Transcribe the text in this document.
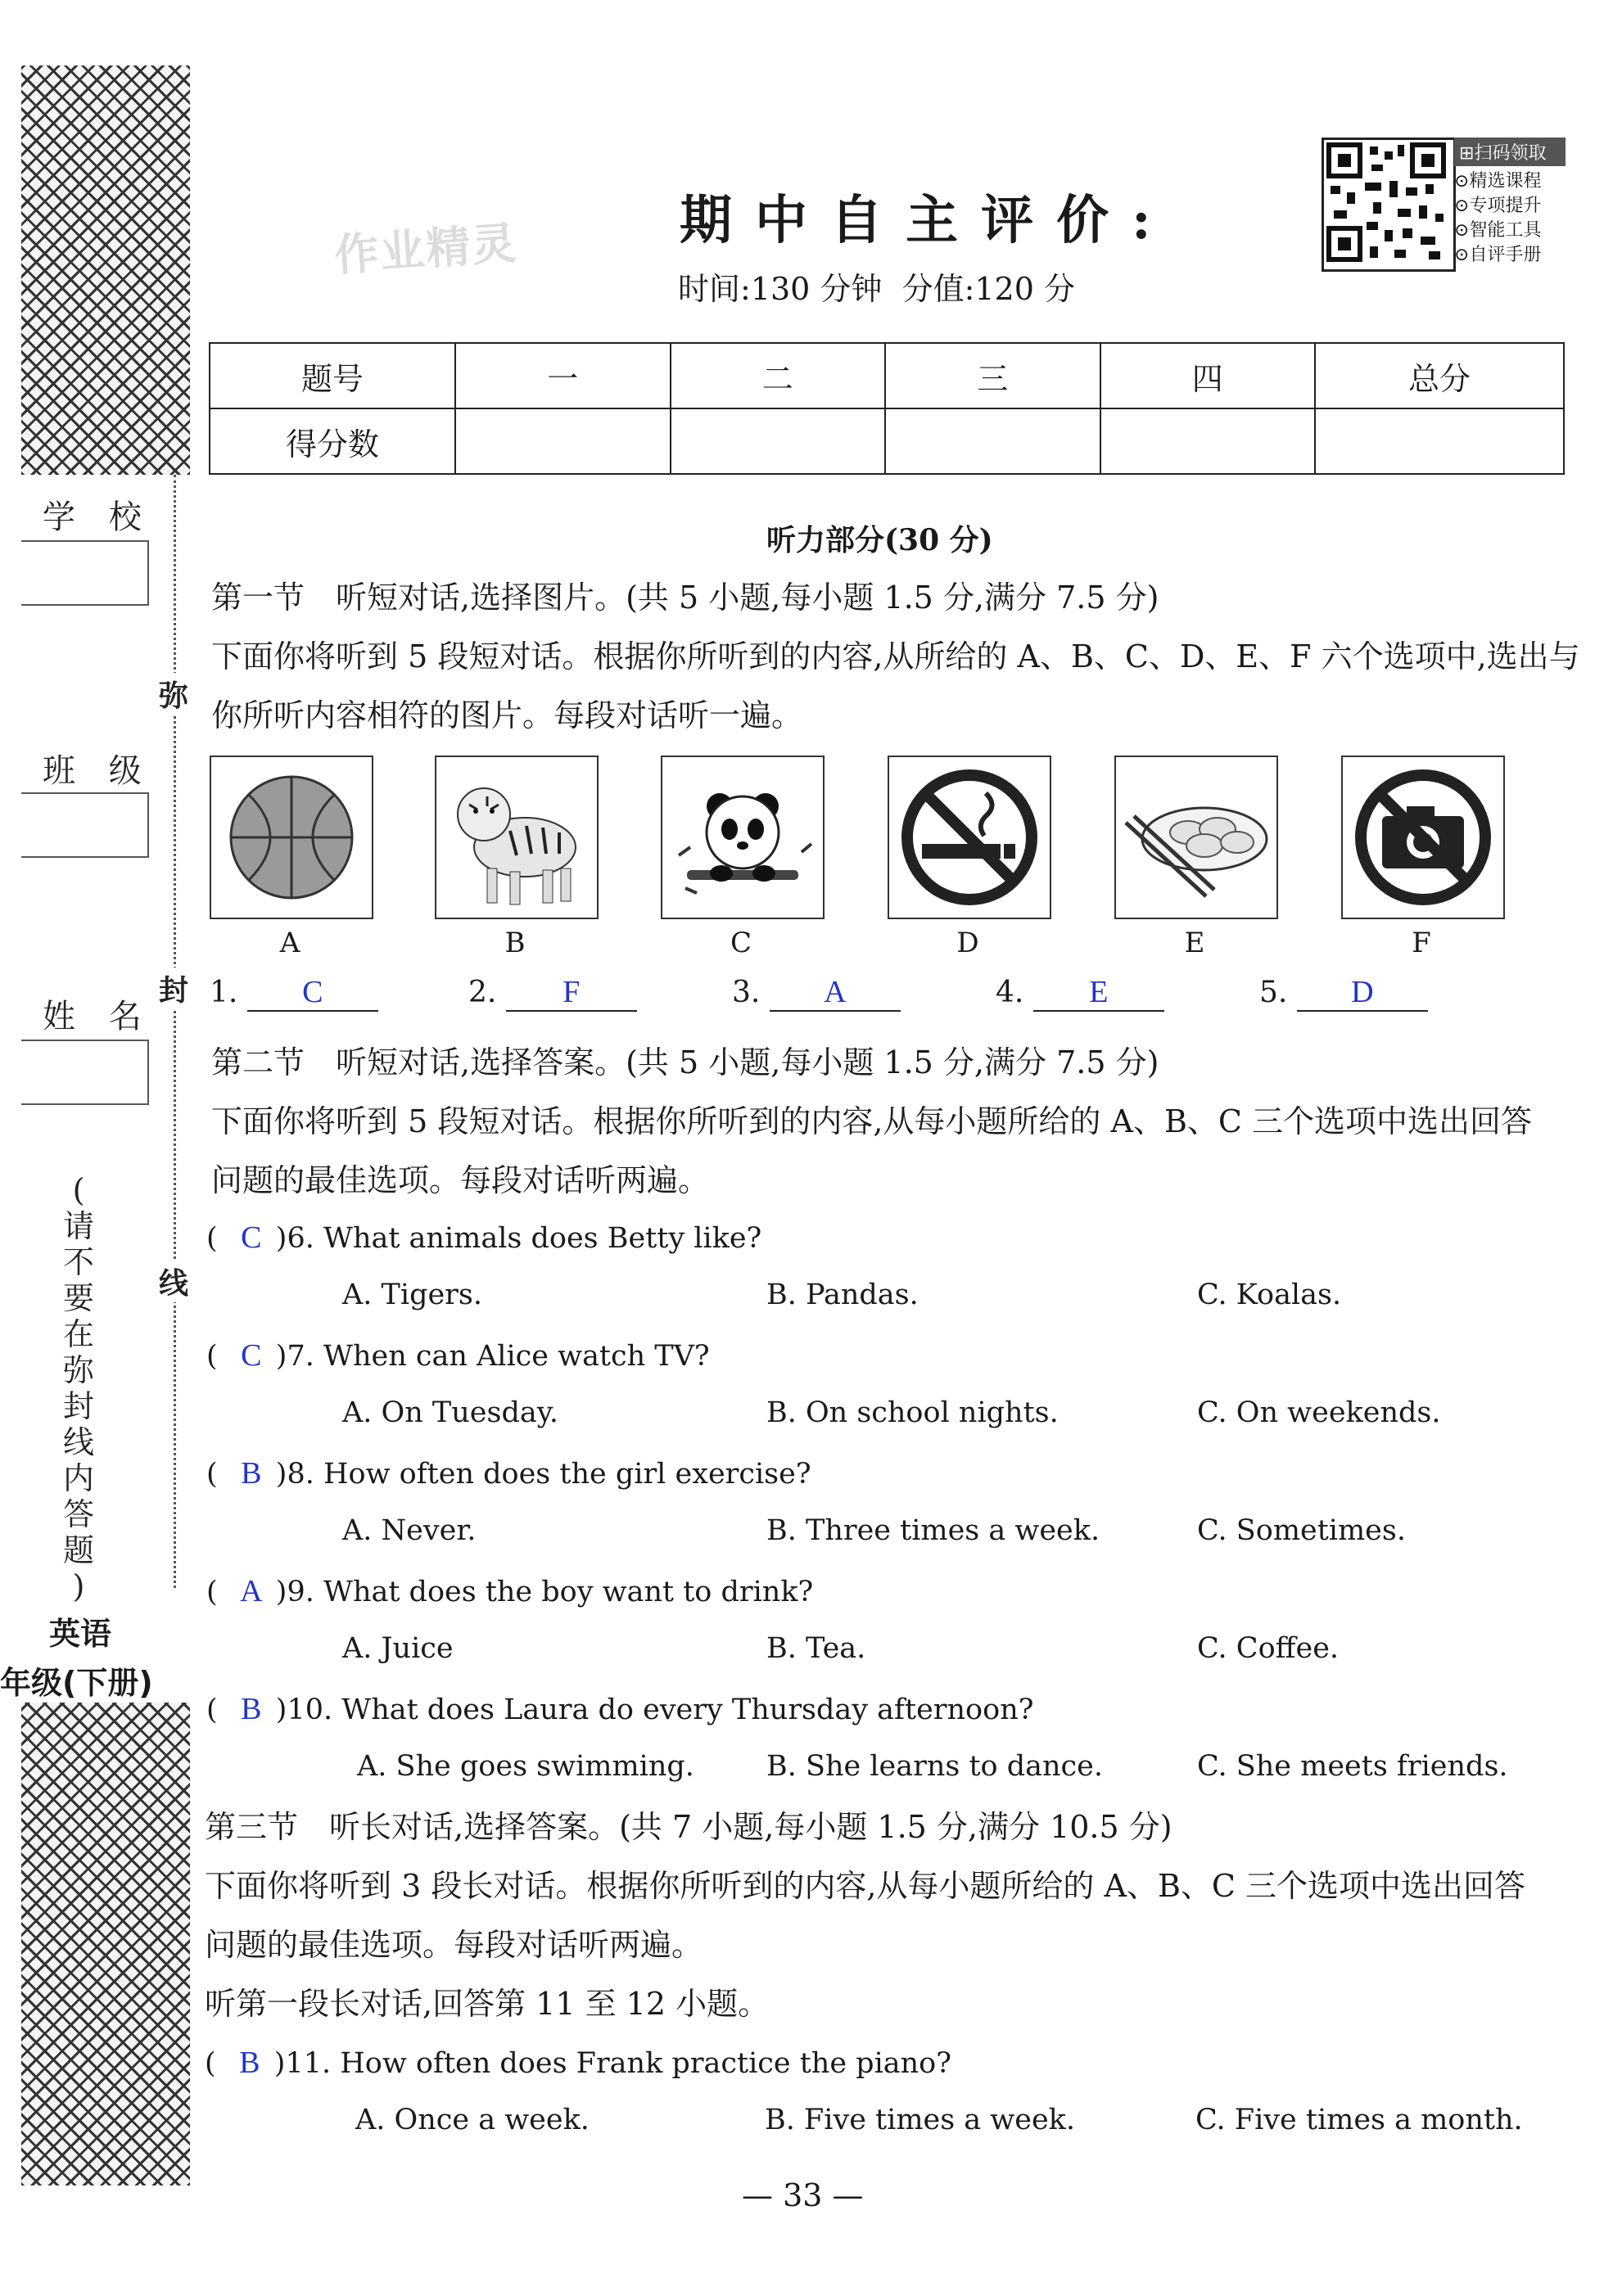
学 校
班 级
姓 名
弥
封
线
(
请
不
要
在
弥
封
线
内
答
题
)
英语
年级(下册)
作业精灵	期中自主评价:
时间:130 分钟  分值:120 分
⊞扫码领取
⊙精选课程
⊙专项提升
⊙智能工具
⊙自评手册
题号	一	二	三	四	总分
得分数					
听力部分(30 分)
第一节　听短对话,选择图片。(共 5 小题,每小题 1.5 分,满分 7.5 分)
下面你将听到 5 段短对话。根据你所听到的内容,从所给的 A、B、C、D、E、F 六个选项中,选出与
你所听内容相符的图片。每段对话听一遍。
A	B	C	D	E	F
1. C	2. F	3. A	4. E	5. D
第二节　听短对话,选择答案。(共 5 小题,每小题 1.5 分,满分 7.5 分)
下面你将听到 5 段短对话。根据你所听到的内容,从每小题所给的 A、B、C 三个选项中选出回答
问题的最佳选项。每段对话听两遍。
( C )6. What animals does Betty like?
A. Tigers.	B. Pandas.	C. Koalas.
( C )7. When can Alice watch TV?
A. On Tuesday.	B. On school nights.	C. On weekends.
( B )8. How often does the girl exercise?
A. Never.	B. Three times a week.	C. Sometimes.
( A )9. What does the boy want to drink?
A. Juice	B. Tea.	C. Coffee.
( B )10. What does Laura do every Thursday afternoon?
A. She goes swimming.	B. She learns to dance.	C. She meets friends.
第三节　听长对话,选择答案。(共 7 小题,每小题 1.5 分,满分 10.5 分)
下面你将听到 3 段长对话。根据你所听到的内容,从每小题所给的 A、B、C 三个选项中选出回答
问题的最佳选项。每段对话听两遍。
听第一段长对话,回答第 11 至 12 小题。
( B )11. How often does Frank practice the piano?
A. Once a week.	B. Five times a week.	C. Five times a month.
— 33 —
